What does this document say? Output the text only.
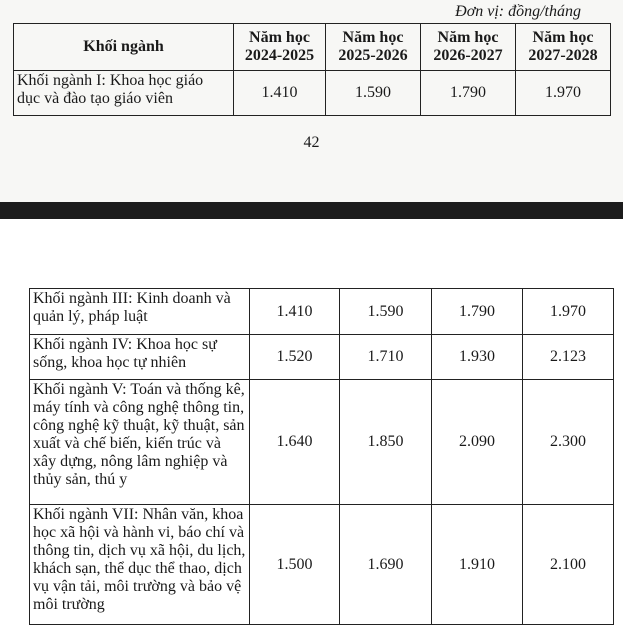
Đơn vị: đồng/tháng
Khối ngành	Năm học 2024-2025	Năm học 2025-2026	Năm học 2026-2027	Năm học 2027-2028
Khối ngành I: Khoa học giáo dục và đào tạo giáo viên	1.410	1.590	1.790	1.970
42
Khối ngành III: Kinh doanh và quản lý, pháp luật	1.410	1.590	1.790	1.970
Khối ngành IV: Khoa học sự sống, khoa học tự nhiên	1.520	1.710	1.930	2.123
Khối ngành V: Toán và thống kê, máy tính và công nghệ thông tin, công nghệ kỹ thuật, kỹ thuật, sản xuất và chế biến, kiến trúc và xây dựng, nông lâm nghiệp và thủy sản, thú y	1.640	1.850	2.090	2.300
Khối ngành VII: Nhân văn, khoa học xã hội và hành vi, báo chí và thông tin, dịch vụ xã hội, du lịch, khách sạn, thể dục thể thao, dịch vụ vận tải, môi trường và bảo vệ môi trường	1.500	1.690	1.910	2.100
